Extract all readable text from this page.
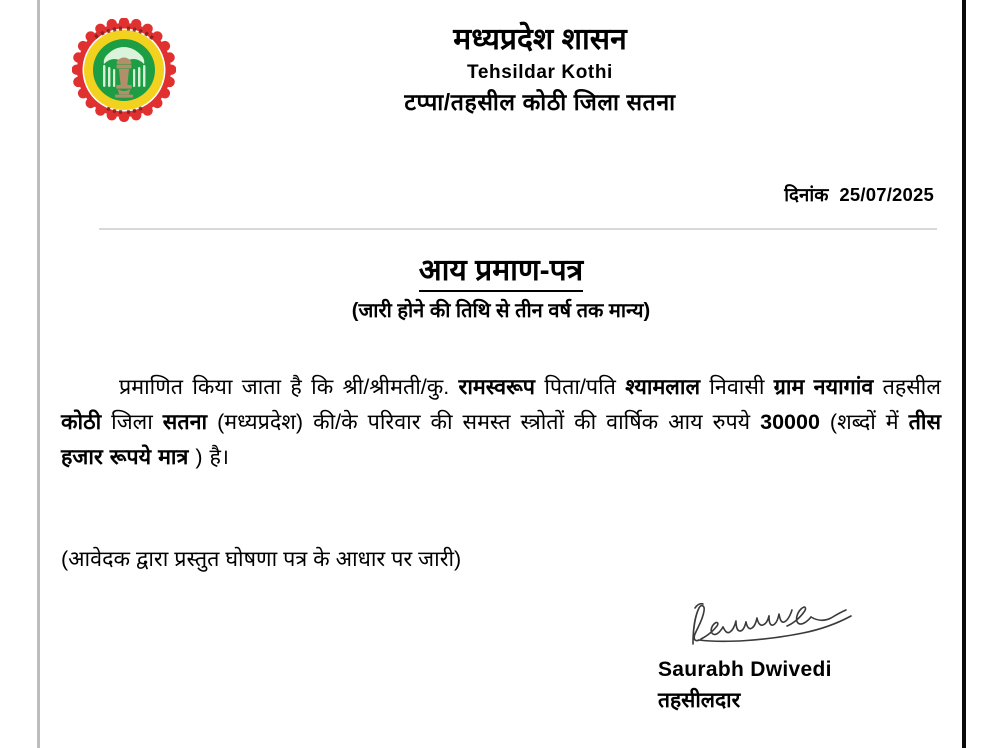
मध्यप्रदेश शासन
Tehsildar Kothi
टप्पा/तहसील कोठी जिला सतना
दिनांक 25/07/2025
आय प्रमाण-पत्र
(जारी होने की तिथि से तीन वर्ष तक मान्य)
प्रमाणित किया जाता है कि श्री/श्रीमती/कु. रामस्वरूप पिता/पति श्यामलाल निवासी ग्राम नयागांव तहसील कोठी जिला सतना (मध्यप्रदेश) की/के परिवार की समस्त स्त्रोतों की वार्षिक आय रुपये 30000 (शब्दों में तीस हजार रूपये मात्र ) है।
(आवेदक द्वारा प्रस्तुत घोषणा पत्र के आधार पर जारी)
Saurabh Dwivedi
तहसीलदार
